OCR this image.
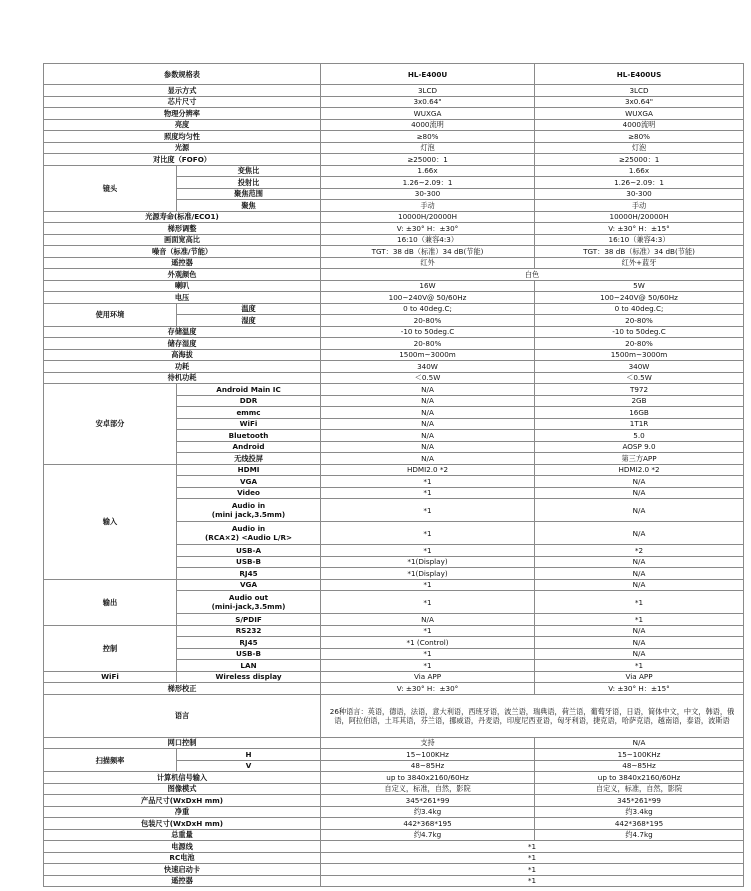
参数规格表		HL-E400U	HL-E400US
显示方式		3LCD	3LCD
芯片尺寸		3x0.64"	3x0.64"
物理分辨率		WUXGA	WUXGA
亮度		4000流明	4000流明
照度均匀性		≥80%	≥80%
光源		灯泡	灯泡
对比度（FOFO）		≥25000：1	≥25000：1
镜头	变焦比	1.66x	1.66x
	投射比	1.26~2.09：1	1.26~2.09：1
	聚焦范围	30-300	30-300
	聚焦	手动	手动
光源寿命(标准/ECO1)		10000H/20000H	10000H/20000H
梯形调整		V: ±30° H：±30°	V: ±30° H：±15°
画面宽高比		16:10（兼容4:3）	16:10（兼容4:3）
噪音（标准/节能）		TGT：38 dB（标准）34 dB(节能)	TGT：38 dB（标准）34 dB(节能)
遥控器		红外	红外+蓝牙
外观颜色		白色	
喇叭		16W	5W
电压		100~240V@ 50/60Hz	100~240V@ 50/60Hz
使用环境	温度	0 to 40deg.C;	0 to 40deg.C;
	湿度	20-80%	20-80%
存储温度		-10 to 50deg.C	-10 to 50deg.C
储存湿度		20-80%	20-80%
高海拔		1500m~3000m	1500m~3000m
功耗		340W	340W
待机功耗		＜0.5W	＜0.5W
安卓部分	Android Main IC	N/A	T972
	DDR	N/A	2GB
	emmc	N/A	16GB
	WiFi	N/A	1T1R
	Bluetooth	N/A	5.0
	Android	N/A	AOSP 9.0
	无线投屏	N/A	第三方APP
输入	HDMI	HDMI2.0 *2	HDMI2.0 *2
	VGA	*1	N/A
	Video	*1	N/A
	Audio in
(mini jack,3.5mm)	*1	N/A
	Audio in
(RCA×2) <Audio L/R>	*1	N/A
	USB-A	*1	*2
	USB-B	*1(Display)	N/A
	RJ45	*1(Display)	N/A
输出	VGA	*1	N/A
	Audio out
(mini-jack,3.5mm)	*1	*1
	S/PDIF	N/A	*1
控制	RS232	*1	N/A
	RJ45	*1 (Control)	N/A
	USB-B	*1	N/A
	LAN	*1	*1
WiFi	Wireless display	Via APP	Via APP
梯形校正		V: ±30° H：±30°	V: ±30° H：±15°
语言		26种语言：英语，德语，法语，意大利语，西班牙语，波兰语，瑞典语，荷兰语，葡萄牙语，日语，简体中文，中文，韩语，俄语，阿拉伯语，土耳其语，芬兰语，挪威语，丹麦语，印度尼西亚语，匈牙利语，捷克语，哈萨克语，越南语，泰语，波斯语	
网口控制		支持	N/A
扫描频率	H	15~100KHz	15~100KHz
	V	48~85Hz	48~85Hz
计算机信号输入		up to 3840x2160/60Hz	up to 3840x2160/60Hz
图像模式		自定义，标准，自然，影院	自定义，标准，自然，影院
产品尺寸(WxDxH mm)		345*261*99	345*261*99
净重		约3.4kg	约3.4kg
包装尺寸(WxDxH mm)		442*368*195	442*368*195
总重量		约4.7kg	约4.7kg
电源线		*1	
RC电池		*1	
快速启动卡		*1	
遥控器		*1	
